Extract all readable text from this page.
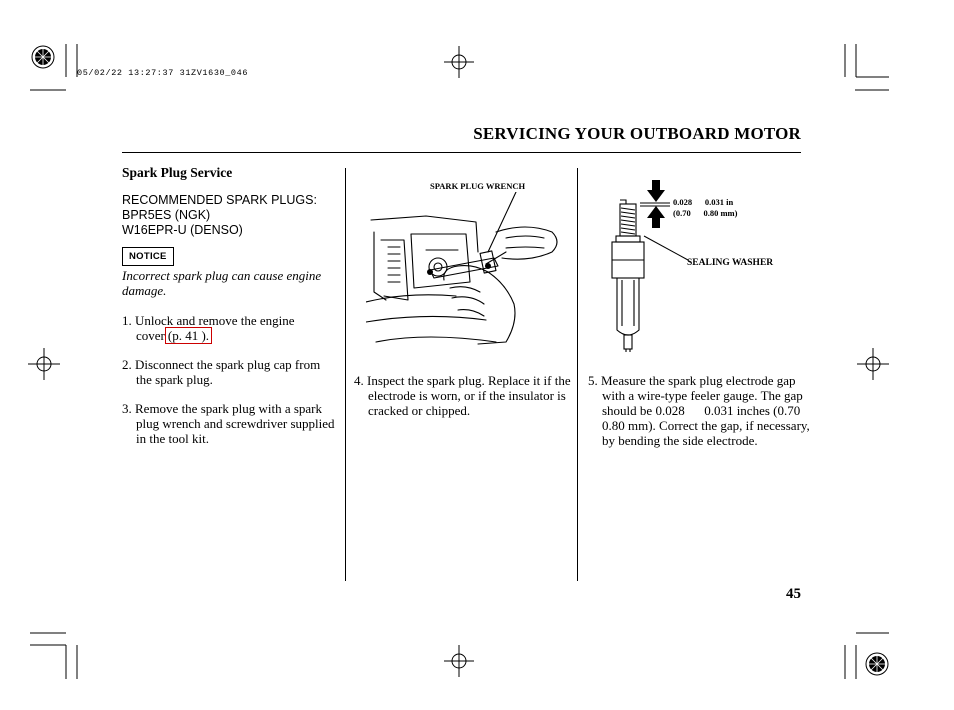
05/02/22 13:27:37 31ZV1630_046
SERVICING YOUR OUTBOARD MOTOR
Spark Plug Service
RECOMMENDED SPARK PLUGS:
BPR5ES (NGK)
W16EPR-U (DENSO)
NOTICE
Incorrect spark plug can cause engine damage.
1. Unlock and remove the engine cover (p. 41 ).
2. Disconnect the spark plug cap from the spark plug.
3. Remove the spark plug with a spark plug wrench and screwdriver supplied in the tool kit.
SPARK PLUG WRENCH
4. Inspect the spark plug. Replace it if the electrode is worn, or if the insulator is cracked or chipped.
0.028      0.031 in
(0.70      0.80 mm)
SEALING WASHER
5. Measure the spark plug electrode gap with a wire-type feeler gauge. The gap should be 0.028      0.031 inches (0.70      0.80 mm). Correct the gap, if necessary, by bending the side electrode.
45
